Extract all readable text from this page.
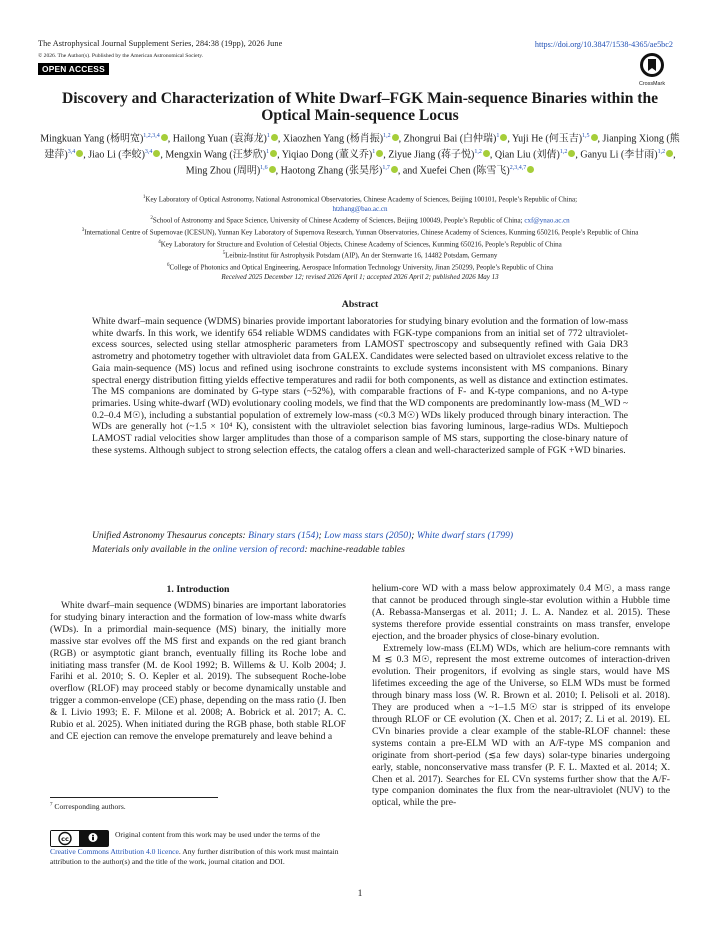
The Astrophysical Journal Supplement Series, 284:38 (19pp), 2026 June	https://doi.org/10.3847/1538-4365/ae5bc2
© 2026. The Author(s). Published by the American Astronomical Society.
OPEN ACCESS
CrossMark
Discovery and Characterization of White Dwarf–FGK Main-sequence Binaries within the Optical Main-sequence Locus
Mingkuan Yang (杨明宽)$^{1,2,3,4}$ , Hailong Yuan (袁海龙)$^1$ , Xiaozhen Yang (杨肖振)$^{1,2}$ , Zhongrui Bai (白仲瑞)$^1$ , Yuji He (何玉吉)$^{1,5}$ , Jianping Xiong (熊建萍)$^{3,4}$ , Jiao Li (李蛟)$^{3,4}$ , Mengxin Wang (汪梦欣)$^1$ , Yiqiao Dong (董义乔)$^1$ , Ziyue Jiang (蒋子悦)$^{1,2}$ , Qian Liu (刘倩)$^{1,2}$ , Ganyu Li (李甘雨)$^{1,2}$ , Ming Zhou (周明)$^{1,6}$ , Haotong Zhang (张昊彤)$^{1,7}$ , and Xuefei Chen (陈雪飞)$^{2,3,4,7}$
$^1$Key Laboratory of Optical Astronomy, National Astronomical Observatories, Chinese Academy of Sciences, Beijing 100101, People’s Republic of China;
htzhang@bao.ac.cn
$^2$School of Astronomy and Space Science, University of Chinese Academy of Sciences, Beijing 100049, People’s Republic of China; cxf@ynao.ac.cn
$^3$International Centre of Supernovae (ICESUN), Yunnan Key Laboratory of Supernova Research, Yunnan Observatories, Chinese Academy of Sciences, Kunming 650216, People’s Republic of China
$^4$Key Laboratory for Structure and Evolution of Celestial Objects, Chinese Academy of Sciences, Kunming 650216, People’s Republic of China
$^5$Leibniz-Institut für Astrophysik Potsdam (AIP), An der Sternwarte 16, 14482 Potsdam, Germany
$^6$College of Photonics and Optical Engineering, Aerospace Information Technology University, Jinan 250299, People’s Republic of China
Received 2025 December 12; revised 2026 April 1; accepted 2026 April 2; published 2026 May 13
Abstract
White dwarf–main sequence (WDMS) binaries provide important laboratories for studying binary evolution and the formation of low-mass white dwarfs. In this work, we identify 654 reliable WDMS candidates with FGK-type companions from an initial set of 772 ultraviolet-excess sources, selected using stellar atmospheric parameters from LAMOST spectroscopy and subsequently refined with Gaia DR3 astrometry and photometry together with ultraviolet data from GALEX. Candidates were selected based on ultraviolet excess relative to the Gaia main-sequence (MS) locus and refined using isochrone constraints to exclude systems inconsistent with MS companions. Binary spectral energy distribution fitting yields effective temperatures and radii for both components, as well as distance and extinction estimates. The MS companions are dominated by G-type stars (~52%), with comparable fractions of F- and K-type companions, and no A-type primaries. Using white-dwarf (WD) evolutionary cooling models, we find that the WD components are predominantly low-mass (M_WD ~ 0.2–0.4 M☉), including a substantial population of extremely low-mass (<0.3 M☉) WDs likely produced through binary interaction. The WDs are generally hot (~1.5 × 10⁴ K), consistent with the ultraviolet selection bias favoring luminous, large-radius WDs. Multiepoch LAMOST radial velocities show larger amplitudes than those of a comparison sample of MS stars, supporting the close-binary nature of these systems. Although subject to strong selection effects, the catalog offers a clean and well-characterized sample of FGK +WD binaries.
Unified Astronomy Thesaurus concepts: Binary stars (154); Low mass stars (2050); White dwarf stars (1799)
Materials only available in the online version of record: machine-readable tables
1. Introduction

White dwarf–main sequence (WDMS) binaries are important laboratories for studying binary interaction and the formation of low-mass white dwarfs (WDs). In a primordial main-sequence (MS) binary, the initially more massive star evolves off the MS first and expands on the red giant branch (RGB) or asymptotic giant branch, eventually filling its Roche lobe and initiating mass transfer (M. de Kool 1992; B. Willems & U. Kolb 2004; J. Farihi et al. 2010; S. O. Kepler et al. 2019). The subsequent Roche-lobe overflow (RLOF) may proceed stably or become dynamically unstable and trigger a common-envelope (CE) phase, depending on the mass ratio (J. Iben & I. Livio 1993; E. F. Milone et al. 2008; A. Bobrick et al. 2017; A. C. Rubio et al. 2025). When initiated during the RGB phase, both stable RLOF and CE ejection can remove the envelope prematurely and leave behind a

helium-core WD with a mass below approximately 0.4 M☉, a mass range that cannot be produced through single-star evolution within a Hubble time (A. Rebassa-Mansergas et al. 2011; J. L. A. Nandez et al. 2015). These systems therefore provide essential constraints on mass transfer, envelope ejection, and the broader physics of close-binary evolution.

Extremely low-mass (ELM) WDs, which are helium-core remnants with M ≲ 0.3 M☉, represent the most extreme outcomes of interaction-driven evolution. Their progenitors, if evolving as single stars, would have MS lifetimes exceeding the age of the Universe, so ELM WDs must be formed through binary mass loss (W. R. Brown et al. 2010; I. Pelisoli et al. 2018). They are produced when a ~1–1.5 M☉ star is stripped of its envelope through RLOF or CE evolution (X. Chen et al. 2017; Z. Li et al. 2019). EL CVn binaries provide a clear example of the stable-RLOF channel: these systems contain a pre-ELM WD with an A/F-type MS companion and originate from short-period (≲a few days) solar-type binaries undergoing early, stable, nonconservative mass transfer (P. F. L. Maxted et al. 2014; X. Chen et al. 2017). Searches for EL CVn systems further show that the A/F-type companion dominates the flux from the near-ultraviolet (NUV) to the optical, while the pre-

$^7$ Corresponding authors.
cc	Original content from this work may be used under the terms of the Creative Commons Attribution 4.0 licence. Any further distribution of this work must maintain attribution to the author(s) and the title of the work, journal citation and DOI.
1
